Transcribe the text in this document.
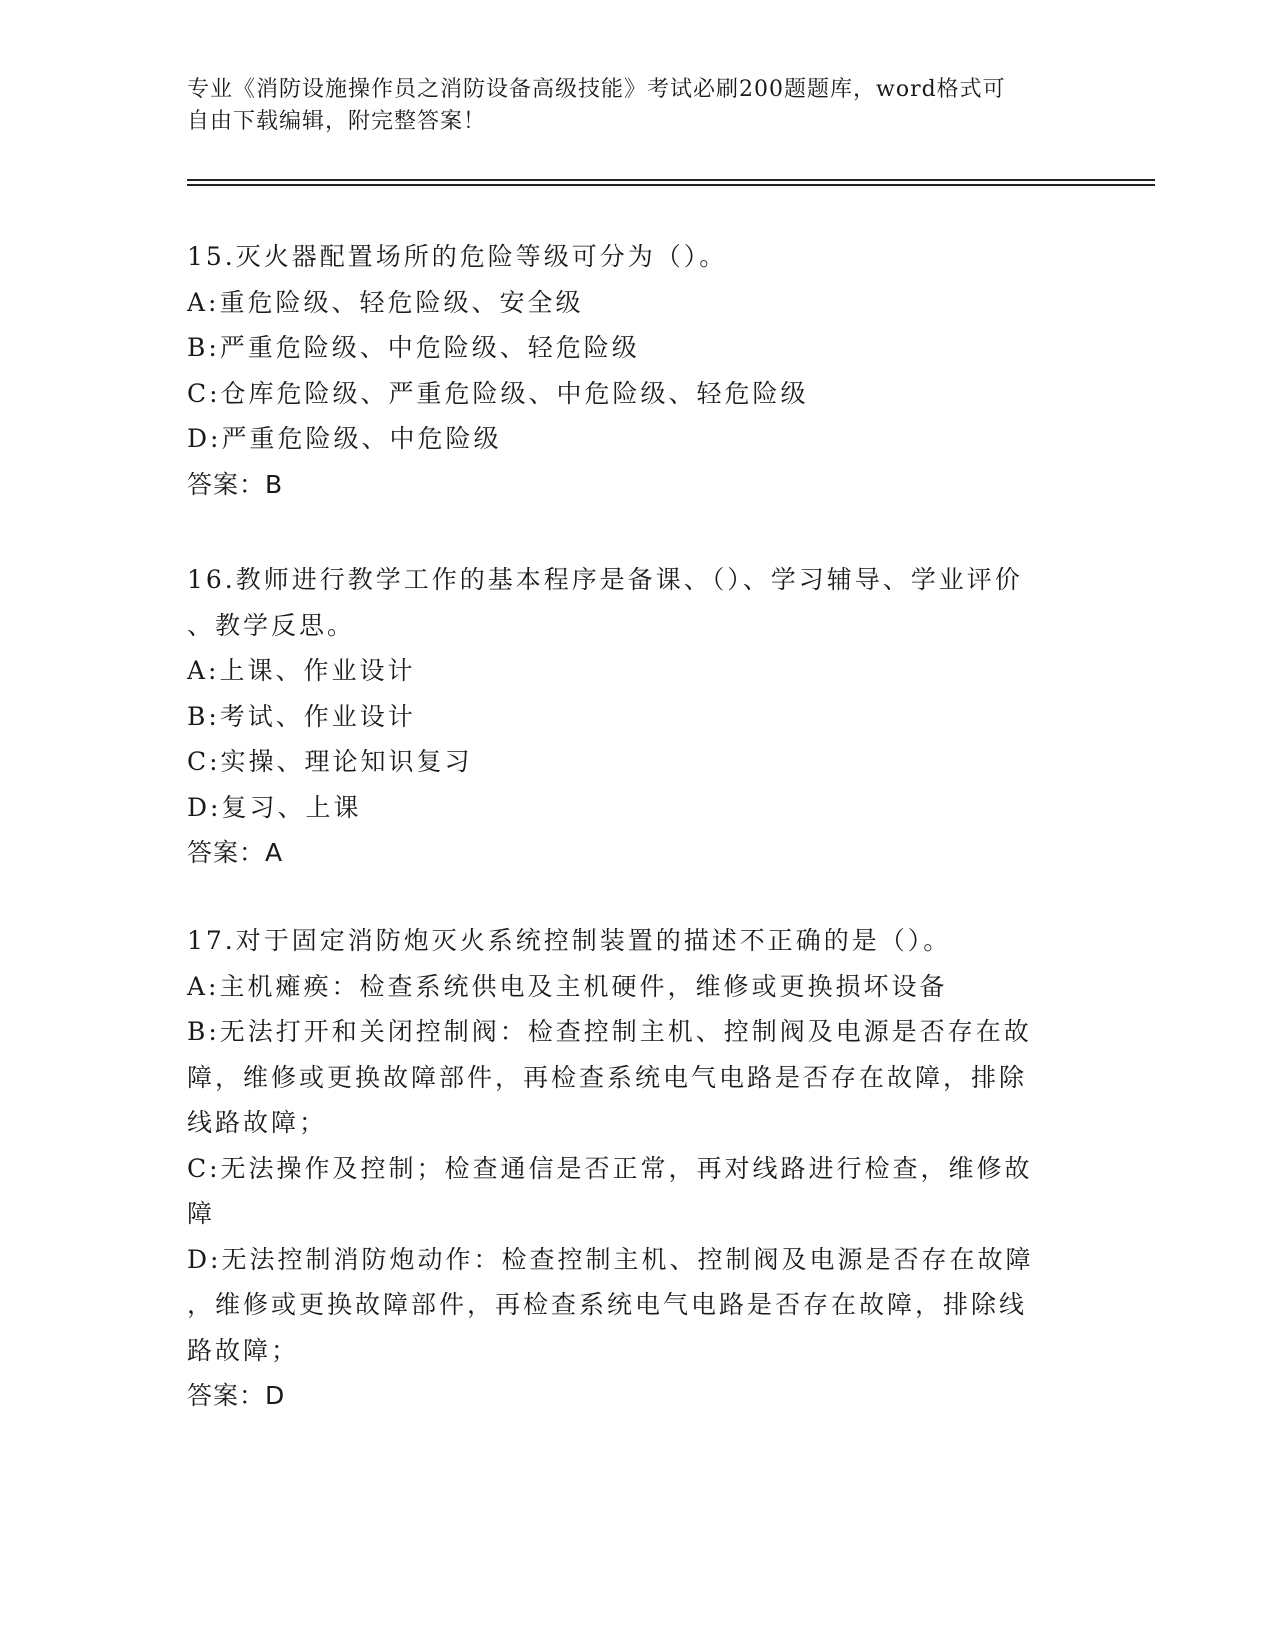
专业《消防设施操作员之消防设备高级技能》考试必刷200题题库，word格式可
自由下载编辑，附完整答案！
15.灭火器配置场所的危险等级可分为（）。
A:重危险级、轻危险级、安全级
B:严重危险级、中危险级、轻危险级
C:仓库危险级、严重危险级、中危险级、轻危险级
D:严重危险级、中危险级
答案：B
16.教师进行教学工作的基本程序是备课、（）、学习辅导、学业评价
、教学反思。
A:上课、作业设计
B:考试、作业设计
C:实操、理论知识复习
D:复习、上课
答案：A
17.对于固定消防炮灭火系统控制装置的描述不正确的是（）。
A:主机瘫痪：检查系统供电及主机硬件，维修或更换损坏设备
B:无法打开和关闭控制阀：检查控制主机、控制阀及电源是否存在故
障，维修或更换故障部件，再检查系统电气电路是否存在故障，排除
线路故障；
C:无法操作及控制；检查通信是否正常，再对线路进行检查，维修故
障
D:无法控制消防炮动作：检查控制主机、控制阀及电源是否存在故障
，维修或更换故障部件，再检查系统电气电路是否存在故障，排除线
路故障；
答案：D
